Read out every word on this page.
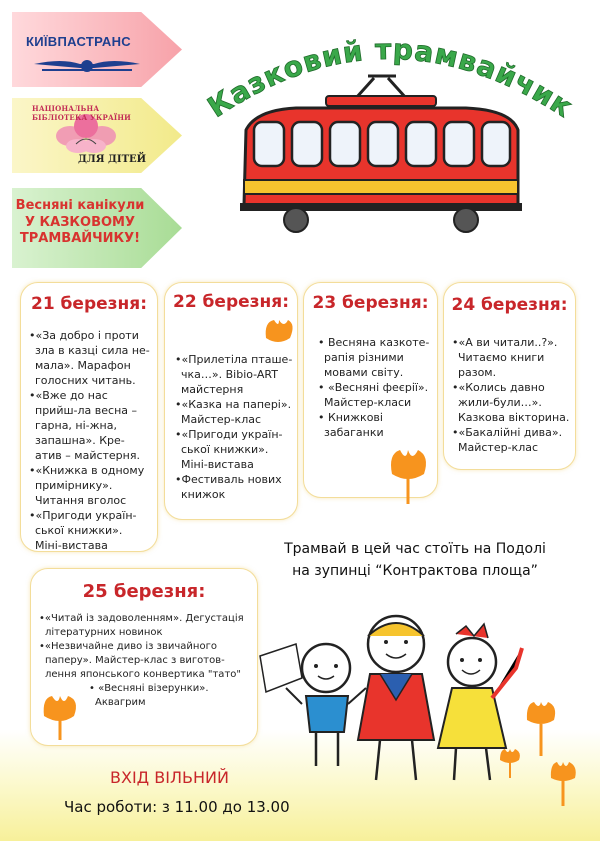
КИЇВПАСТРАНС
НАЦІОНАЛЬНА БІБЛІОТЕКА УКРАЇНИ
ДЛЯ ДІТЕЙ
Весняні канікули
У КАЗКОВОМУ
ТРАМВАЙЧИКУ!
Казковий трамвайчик
21 березня:
•«За добро і проти зла в казці сила не-мала». Марафон голосних читань.
•«Вже до нас прийш-ла весна – гарна, ні-жна, запашна». Кре-атив – майстерня.
•«Книжка в одному примірнику». Читання вголос
•«Пригоди україн-ської книжки». Міні-вистава
22 березня:
•«Прилетіла пташе-чка…». Bibio-ART майстерня
•«Казка на папері». Майстер-клас
•«Пригоди україн-ської книжки». Міні-вистава
•Фестиваль нових книжок
23 березня:
• Весняна казкоте-рапія різними мовами світу.
• «Весняні феєрії». Майстер-класи
• Книжкові забаганки
24 березня:
•«А ви читали..?». Читаємо книги разом.
•«Колись давно жили-були…». Казкова вікторина.
•«Бакалійні дива». Майстер-клас
25 березня:
•«Читай із задоволенням». Дегустація літературних новинок
•«Незвичайне диво із звичайного паперу». Майстер-клас з виготов-лення японського конвертика "тато"
• «Весняні візерунки». Аквагрим
Трамвай в цей час стоїть на Подолі
на зупинці “Контрактова площа”
ВХІД ВІЛЬНИЙ
Час роботи: з 11.00 до 13.00
